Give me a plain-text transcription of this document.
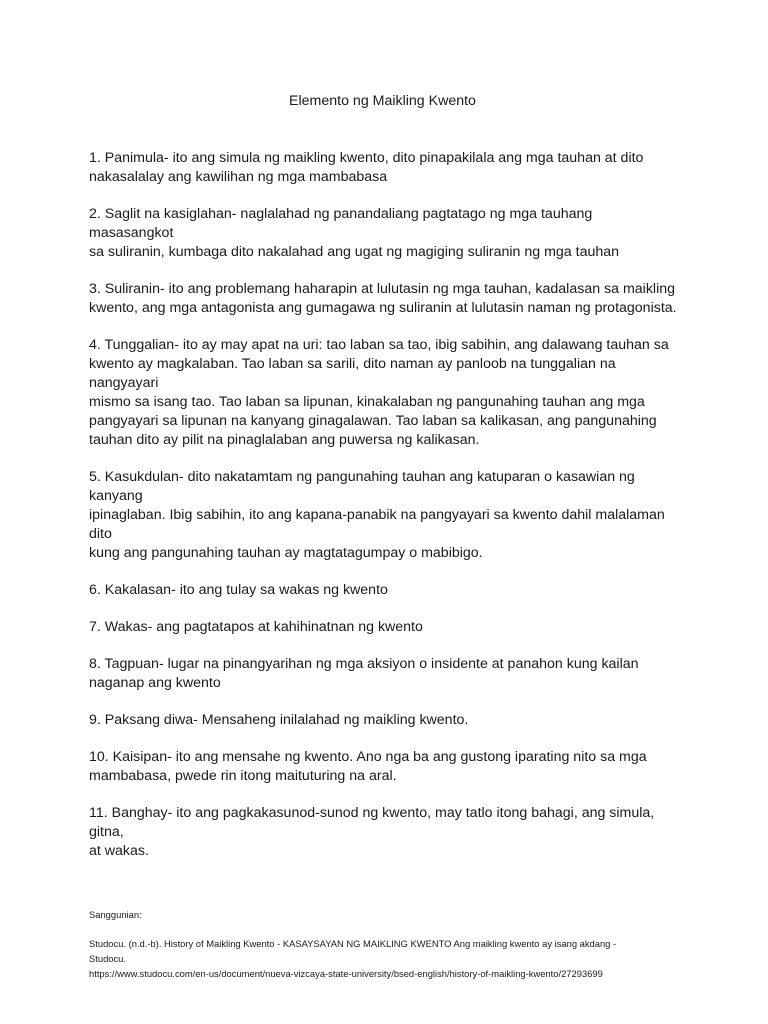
Elemento ng Maikling Kwento
1. Panimula- ito ang simula ng maikling kwento, dito pinapakilala ang mga tauhan at dito
nakasalalay ang kawilihan ng mga mambabasa
2. Saglit na kasiglahan- naglalahad ng panandaliang pagtatago ng mga tauhang masasangkot
sa suliranin, kumbaga dito nakalahad ang ugat ng magiging suliranin ng mga tauhan
3. Suliranin- ito ang problemang haharapin at lulutasin ng mga tauhan, kadalasan sa maikling
kwento, ang mga antagonista ang gumagawa ng suliranin at lulutasin naman ng protagonista.
4. Tunggalian- ito ay may apat na uri: tao laban sa tao, ibig sabihin, ang dalawang tauhan sa
kwento ay magkalaban. Tao laban sa sarili, dito naman ay panloob na tunggalian na nangyayari
mismo sa isang tao. Tao laban sa lipunan, kinakalaban ng pangunahing tauhan ang mga
pangyayari sa lipunan na kanyang ginagalawan. Tao laban sa kalikasan, ang pangunahing
tauhan dito ay pilit na pinaglalaban ang puwersa ng kalikasan.
5. Kasukdulan- dito nakatamtam ng pangunahing tauhan ang katuparan o kasawian ng kanyang
ipinaglaban. Ibig sabihin, ito ang kapana-panabik na pangyayari sa kwento dahil malalaman dito
kung ang pangunahing tauhan ay magtatagumpay o mabibigo.
6. Kakalasan- ito ang tulay sa wakas ng kwento
7. Wakas- ang pagtatapos at kahihinatnan ng kwento
8. Tagpuan- lugar na pinangyarihan ng mga aksiyon o insidente at panahon kung kailan
naganap ang kwento
9. Paksang diwa- Mensaheng inilalahad ng maikling kwento.
10. Kaisipan- ito ang mensahe ng kwento. Ano nga ba ang gustong iparating nito sa mga
mambabasa, pwede rin itong maituturing na aral.
11. Banghay- ito ang pagkakasunod-sunod ng kwento, may tatlo itong bahagi, ang simula, gitna,
at wakas.
Sanggunian:
Studocu. (n.d.-b). History of Maikling Kwento - KASAYSAYAN NG MAIKLING KWENTO Ang maikling kwento ay isang akdang -
Studocu.
https://www.studocu.com/en-us/document/nueva-vizcaya-state-university/bsed-english/history-of-maikling-kwento/27293699
